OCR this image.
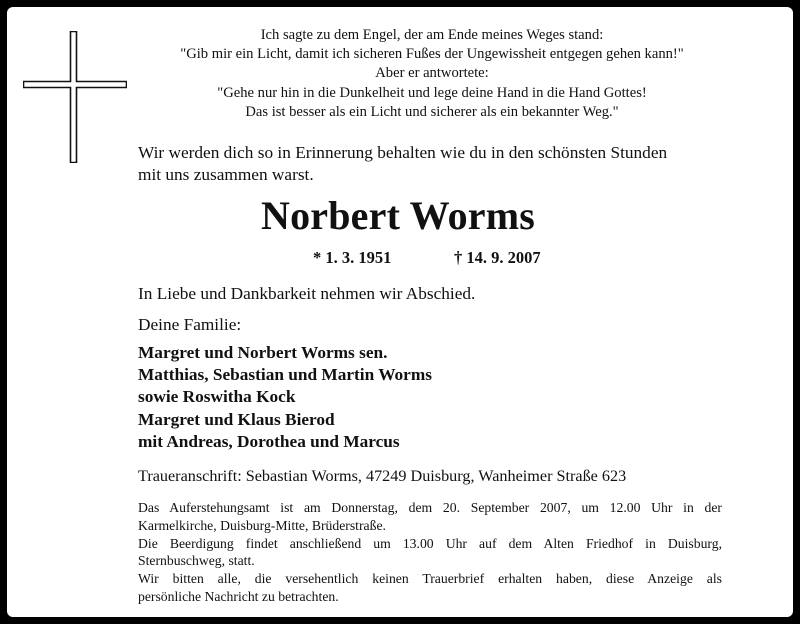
Ich sagte zu dem Engel, der am Ende meines Weges stand:
"Gib mir ein Licht, damit ich sicheren Fußes der Ungewissheit entgegen gehen kann!"
Aber er antwortete:
"Gehe nur hin in die Dunkelheit und lege deine Hand in die Hand Gottes!
Das ist besser als ein Licht und sicherer als ein bekannter Weg."
Wir werden dich so in Erinnerung behalten wie du in den schönsten Stunden
mit uns zusammen warst.
Norbert Worms
* 1. 3. 1951	† 14. 9. 2007
In Liebe und Dankbarkeit nehmen wir Abschied.
Deine Familie:
Margret und Norbert Worms sen.
Matthias, Sebastian und Martin Worms
sowie Roswitha Kock
Margret und Klaus Bierod
mit Andreas, Dorothea und Marcus
Traueranschrift: Sebastian Worms, 47249 Duisburg, Wanheimer Straße 623
Das Auferstehungsamt ist am Donnerstag, dem 20. September 2007, um 12.00 Uhr in der
Karmelkirche, Duisburg-Mitte, Brüderstraße.
Die Beerdigung findet anschließend um 13.00 Uhr auf dem Alten Friedhof in Duisburg,
Sternbuschweg, statt.
Wir bitten alle, die versehentlich keinen Trauerbrief erhalten haben, diese Anzeige als
persönliche Nachricht zu betrachten.
